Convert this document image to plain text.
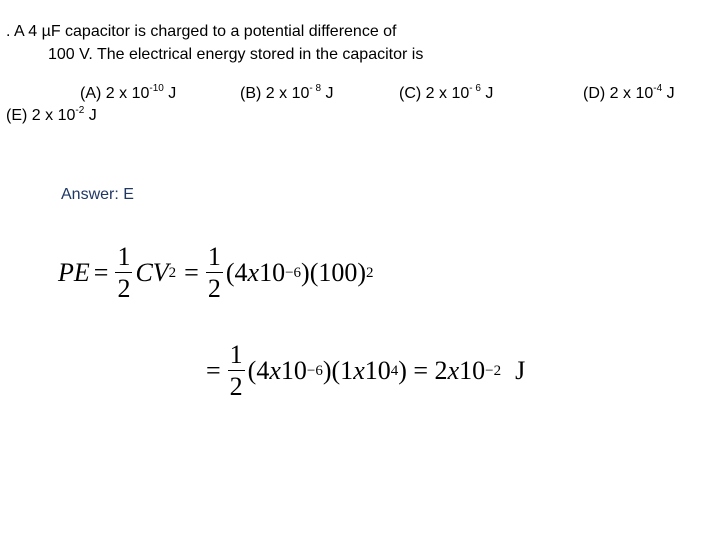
. A 4 µF capacitor is charged to a potential difference of
100 V. The electrical energy stored in the capacitor is
(A) 2 x $10^{-10}$ J	(B) 2 x $10^{- 8}$ J	(C) 2 x $10^{- 6}$ J	(D) 2 x $10^{-4}$ J
(E) 2 x $10^{-2}$ J
Answer: E
PE = $\frac{1}{2}$ CV $2 = \frac{1}{2} (4$ x 10 −6 )(100) 2
= $\frac{1}{2} (4$ x 10 −6 )(1 x 10 4 ) = 2 x 10 −2 J
